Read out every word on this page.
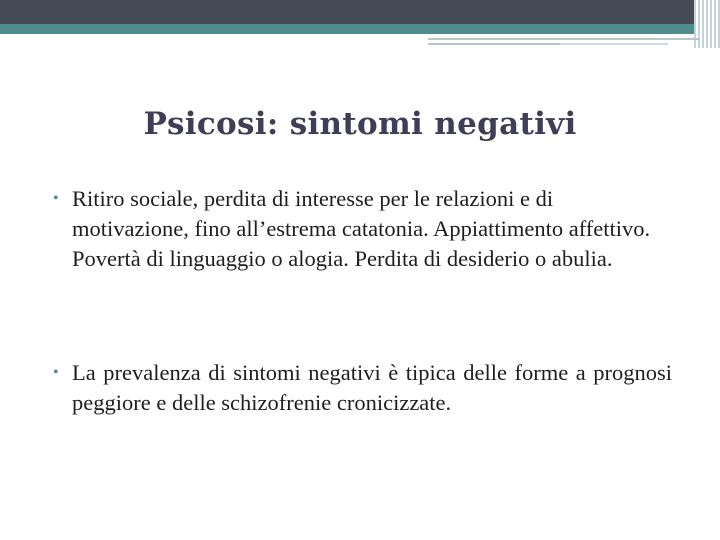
Psicosi: sintomi negativi
• Ritiro sociale, perdita di interesse per le relazioni e di motivazione, fino all’estrema catatonia. Appiattimento affettivo. Povertà di linguaggio o alogia. Perdita di desiderio o abulia.
• La prevalenza di sintomi negativi è tipica delle forme a prognosi peggiore e delle schizofrenie cronicizzate.
